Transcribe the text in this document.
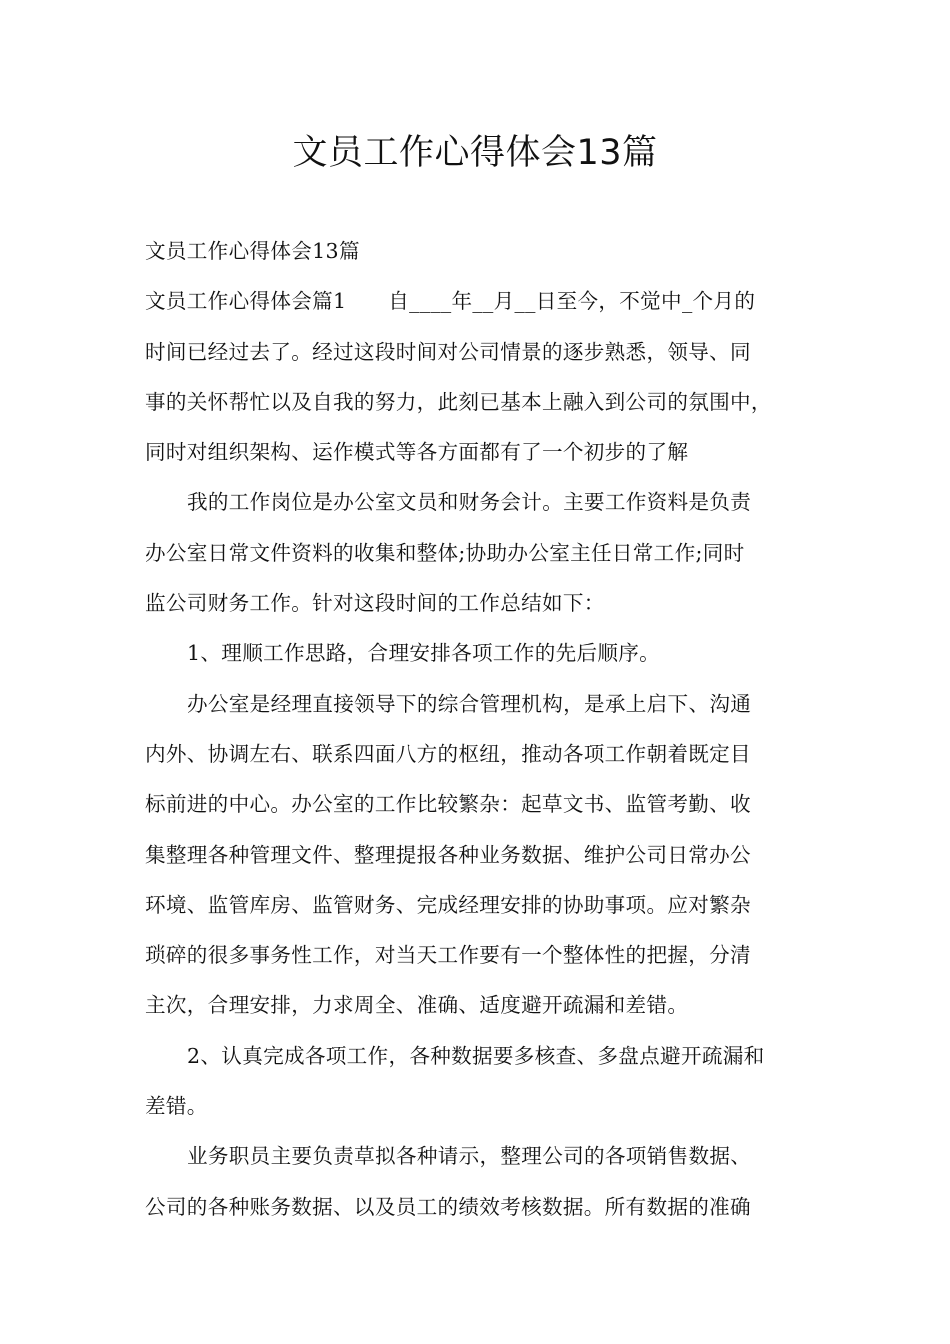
文员工作心得体会13篇
文员工作心得体会13篇
文员工作心得体会篇1　　自____年__月__日至今，不觉中_个月的
时间已经过去了。经过这段时间对公司情景的逐步熟悉，领导、同
事的关怀帮忙以及自我的努力，此刻已基本上融入到公司的氛围中，
同时对组织架构、运作模式等各方面都有了一个初步的了解
我的工作岗位是办公室文员和财务会计。主要工作资料是负责
办公室日常文件资料的收集和整体;协助办公室主任日常工作;同时
监公司财务工作。针对这段时间的工作总结如下：
1、理顺工作思路，合理安排各项工作的先后顺序。
办公室是经理直接领导下的综合管理机构，是承上启下、沟通
内外、协调左右、联系四面八方的枢纽，推动各项工作朝着既定目
标前进的中心。办公室的工作比较繁杂：起草文书、监管考勤、收
集整理各种管理文件、整理提报各种业务数据、维护公司日常办公
环境、监管库房、监管财务、完成经理安排的协助事项。应对繁杂
琐碎的很多事务性工作，对当天工作要有一个整体性的把握，分清
主次，合理安排，力求周全、准确、适度避开疏漏和差错。
2、认真完成各项工作，各种数据要多核查、多盘点避开疏漏和
差错。
业务职员主要负责草拟各种请示，整理公司的各项销售数据、
公司的各种账务数据、以及员工的绩效考核数据。所有数据的准确
